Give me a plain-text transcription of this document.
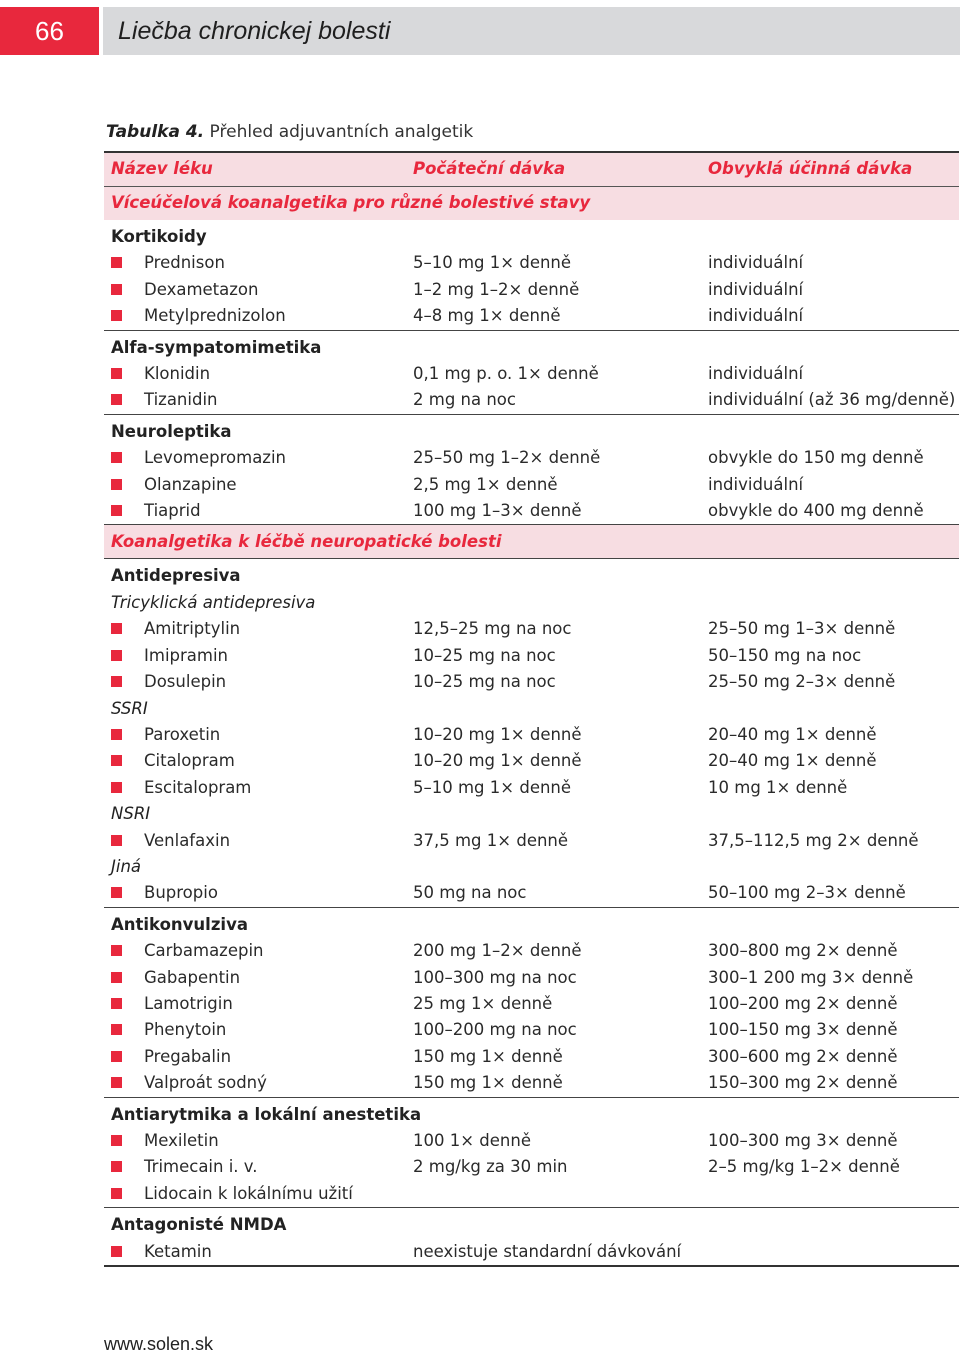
66	Liečba chronickej bolesti
Tabulka 4. Přehled adjuvantních analgetik
Název léku	Počáteční dávka	Obvyklá účinná dávka
Víceúčelová koanalgetika pro různé bolestivé stavy		
Kortikoidy		
Prednison	5–10 mg 1× denně	individuální
Dexametazon	1–2 mg 1–2× denně	individuální
Metylprednizolon	4–8 mg 1× denně	individuální
Alfa-sympatomimetika		
Klonidin	0,1 mg p. o. 1× denně	individuální
Tizanidin	2 mg na noc	individuální (až 36 mg/denně)
Neuroleptika		
Levomepromazin	25–50 mg 1–2× denně	obvykle do 150 mg denně
Olanzapine	2,5 mg 1× denně	individuální
Tiaprid	100 mg 1–3× denně	obvykle do 400 mg denně
Koanalgetika k léčbě neuropatické bolesti		
Antidepresiva		
Tricyklická antidepresiva		
Amitriptylin	12,5–25 mg na noc	25–50 mg 1–3× denně
Imipramin	10–25 mg na noc	50–150 mg na noc
Dosulepin	10–25 mg na noc	25–50 mg 2–3× denně
SSRI		
Paroxetin	10–20 mg 1× denně	20–40 mg 1× denně
Citalopram	10–20 mg 1× denně	20–40 mg 1× denně
Escitalopram	5–10 mg 1× denně	10 mg 1× denně
NSRI		
Venlafaxin	37,5 mg 1× denně	37,5–112,5 mg 2× denně
Jiná		
Bupropio	50 mg na noc	50–100 mg 2–3× denně
Antikonvulziva		
Carbamazepin	200 mg 1–2× denně	300–800 mg 2× denně
Gabapentin	100–300 mg na noc	300–1 200 mg 3× denně
Lamotrigin	25 mg 1× denně	100–200 mg 2× denně
Phenytoin	100–200 mg na noc	100–150 mg 3× denně
Pregabalin	150 mg 1× denně	300–600 mg 2× denně
Valproát sodný	150 mg 1× denně	150–300 mg 2× denně
Antiarytmika a lokální anestetika		
Mexiletin	100 1× denně	100–300 mg 3× denně
Trimecain i. v.	2 mg/kg za 30 min	2–5 mg/kg 1–2× denně
Lidocain k lokálnímu užití		
Antagonisté NMDA		
Ketamin	neexistuje standardní dávkování	
www.solen.sk
